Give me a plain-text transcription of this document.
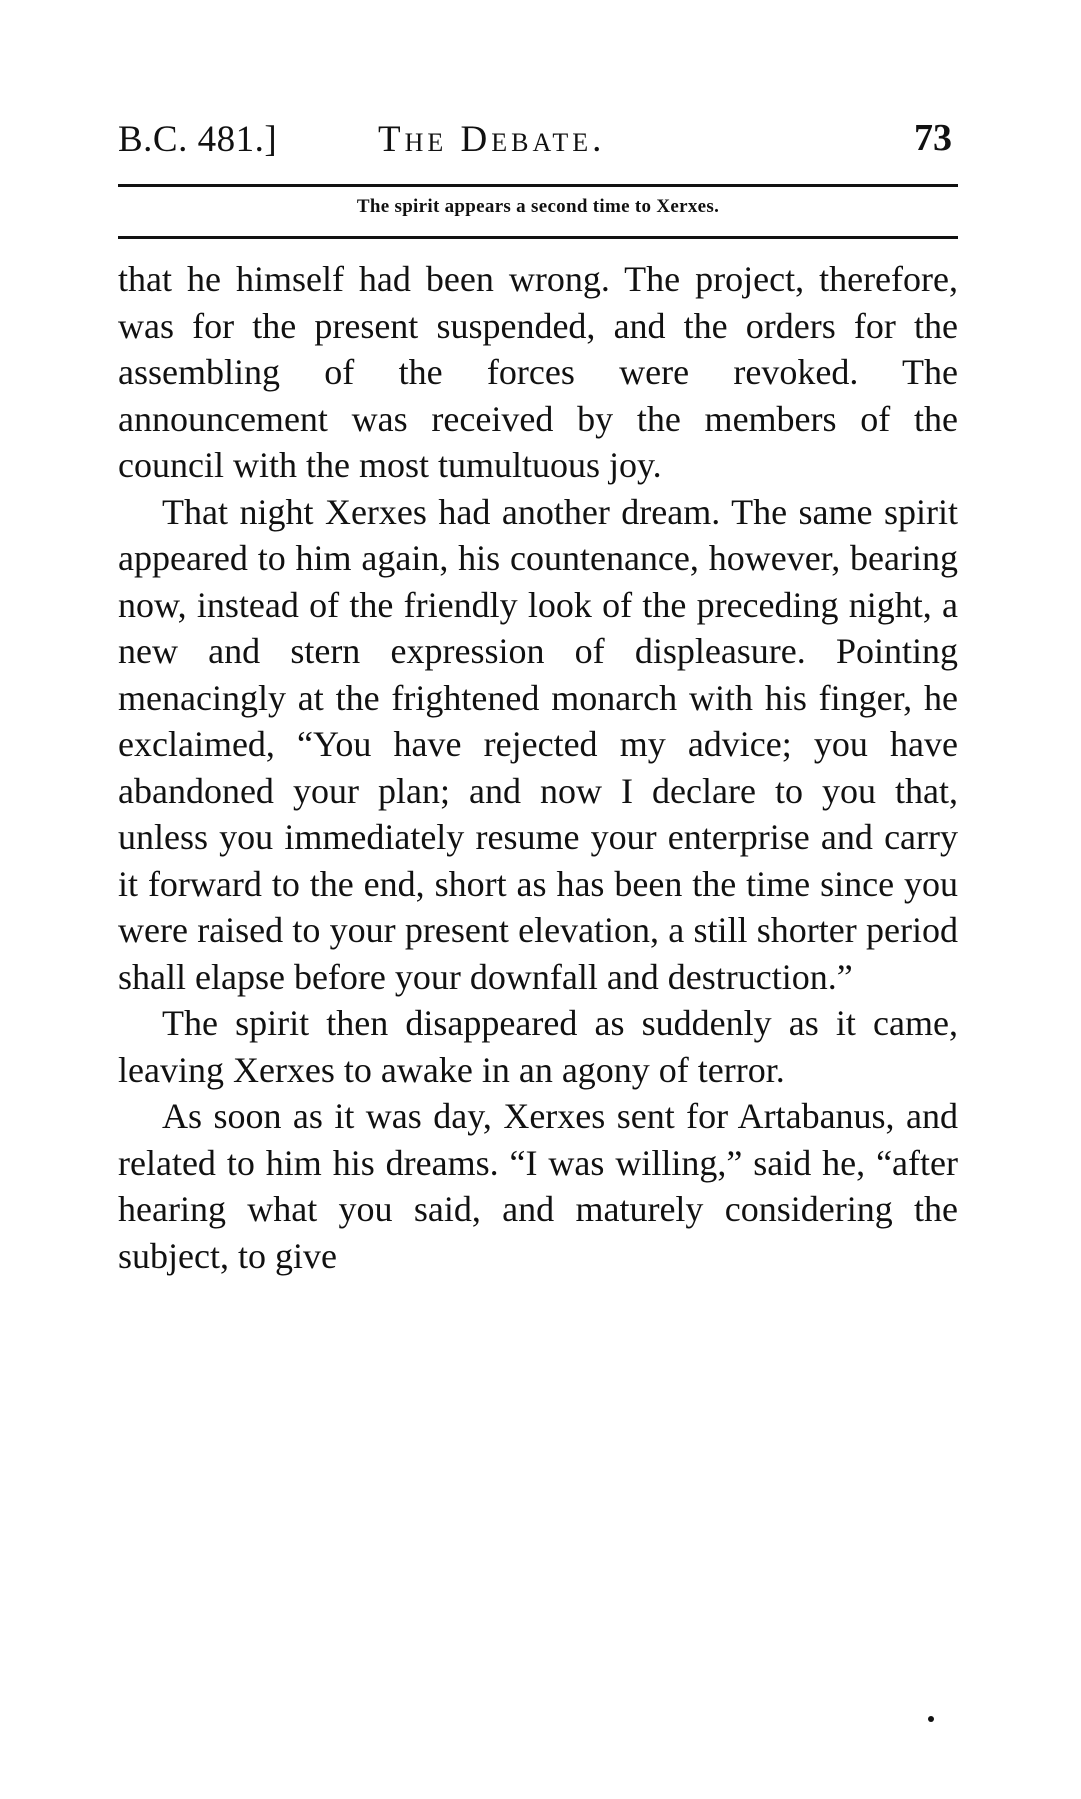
B.C. 481.]	The Debate.	73
The spirit appears a second time to Xerxes.

that he himself had been wrong. The project, therefore, was for the present suspended, and the orders for the assembling of the forces were revoked. The announcement was received by the members of the council with the most tumultuous joy.

That night Xerxes had another dream. The same spirit appeared to him again, his countenance, however, bearing now, instead of the friendly look of the preceding night, a new and stern expression of displeasure. Pointing menacingly at the frightened monarch with his finger, he exclaimed, “You have rejected my advice; you have abandoned your plan; and now I declare to you that, unless you immediately resume your enterprise and carry it forward to the end, short as has been the time since you were raised to your present elevation, a still shorter period shall elapse before your downfall and destruction.”

The spirit then disappeared as suddenly as it came, leaving Xerxes to awake in an agony of terror.

As soon as it was day, Xerxes sent for Artabanus, and related to him his dreams. “I was willing,” said he, “after hearing what you said, and maturely considering the subject, to give
